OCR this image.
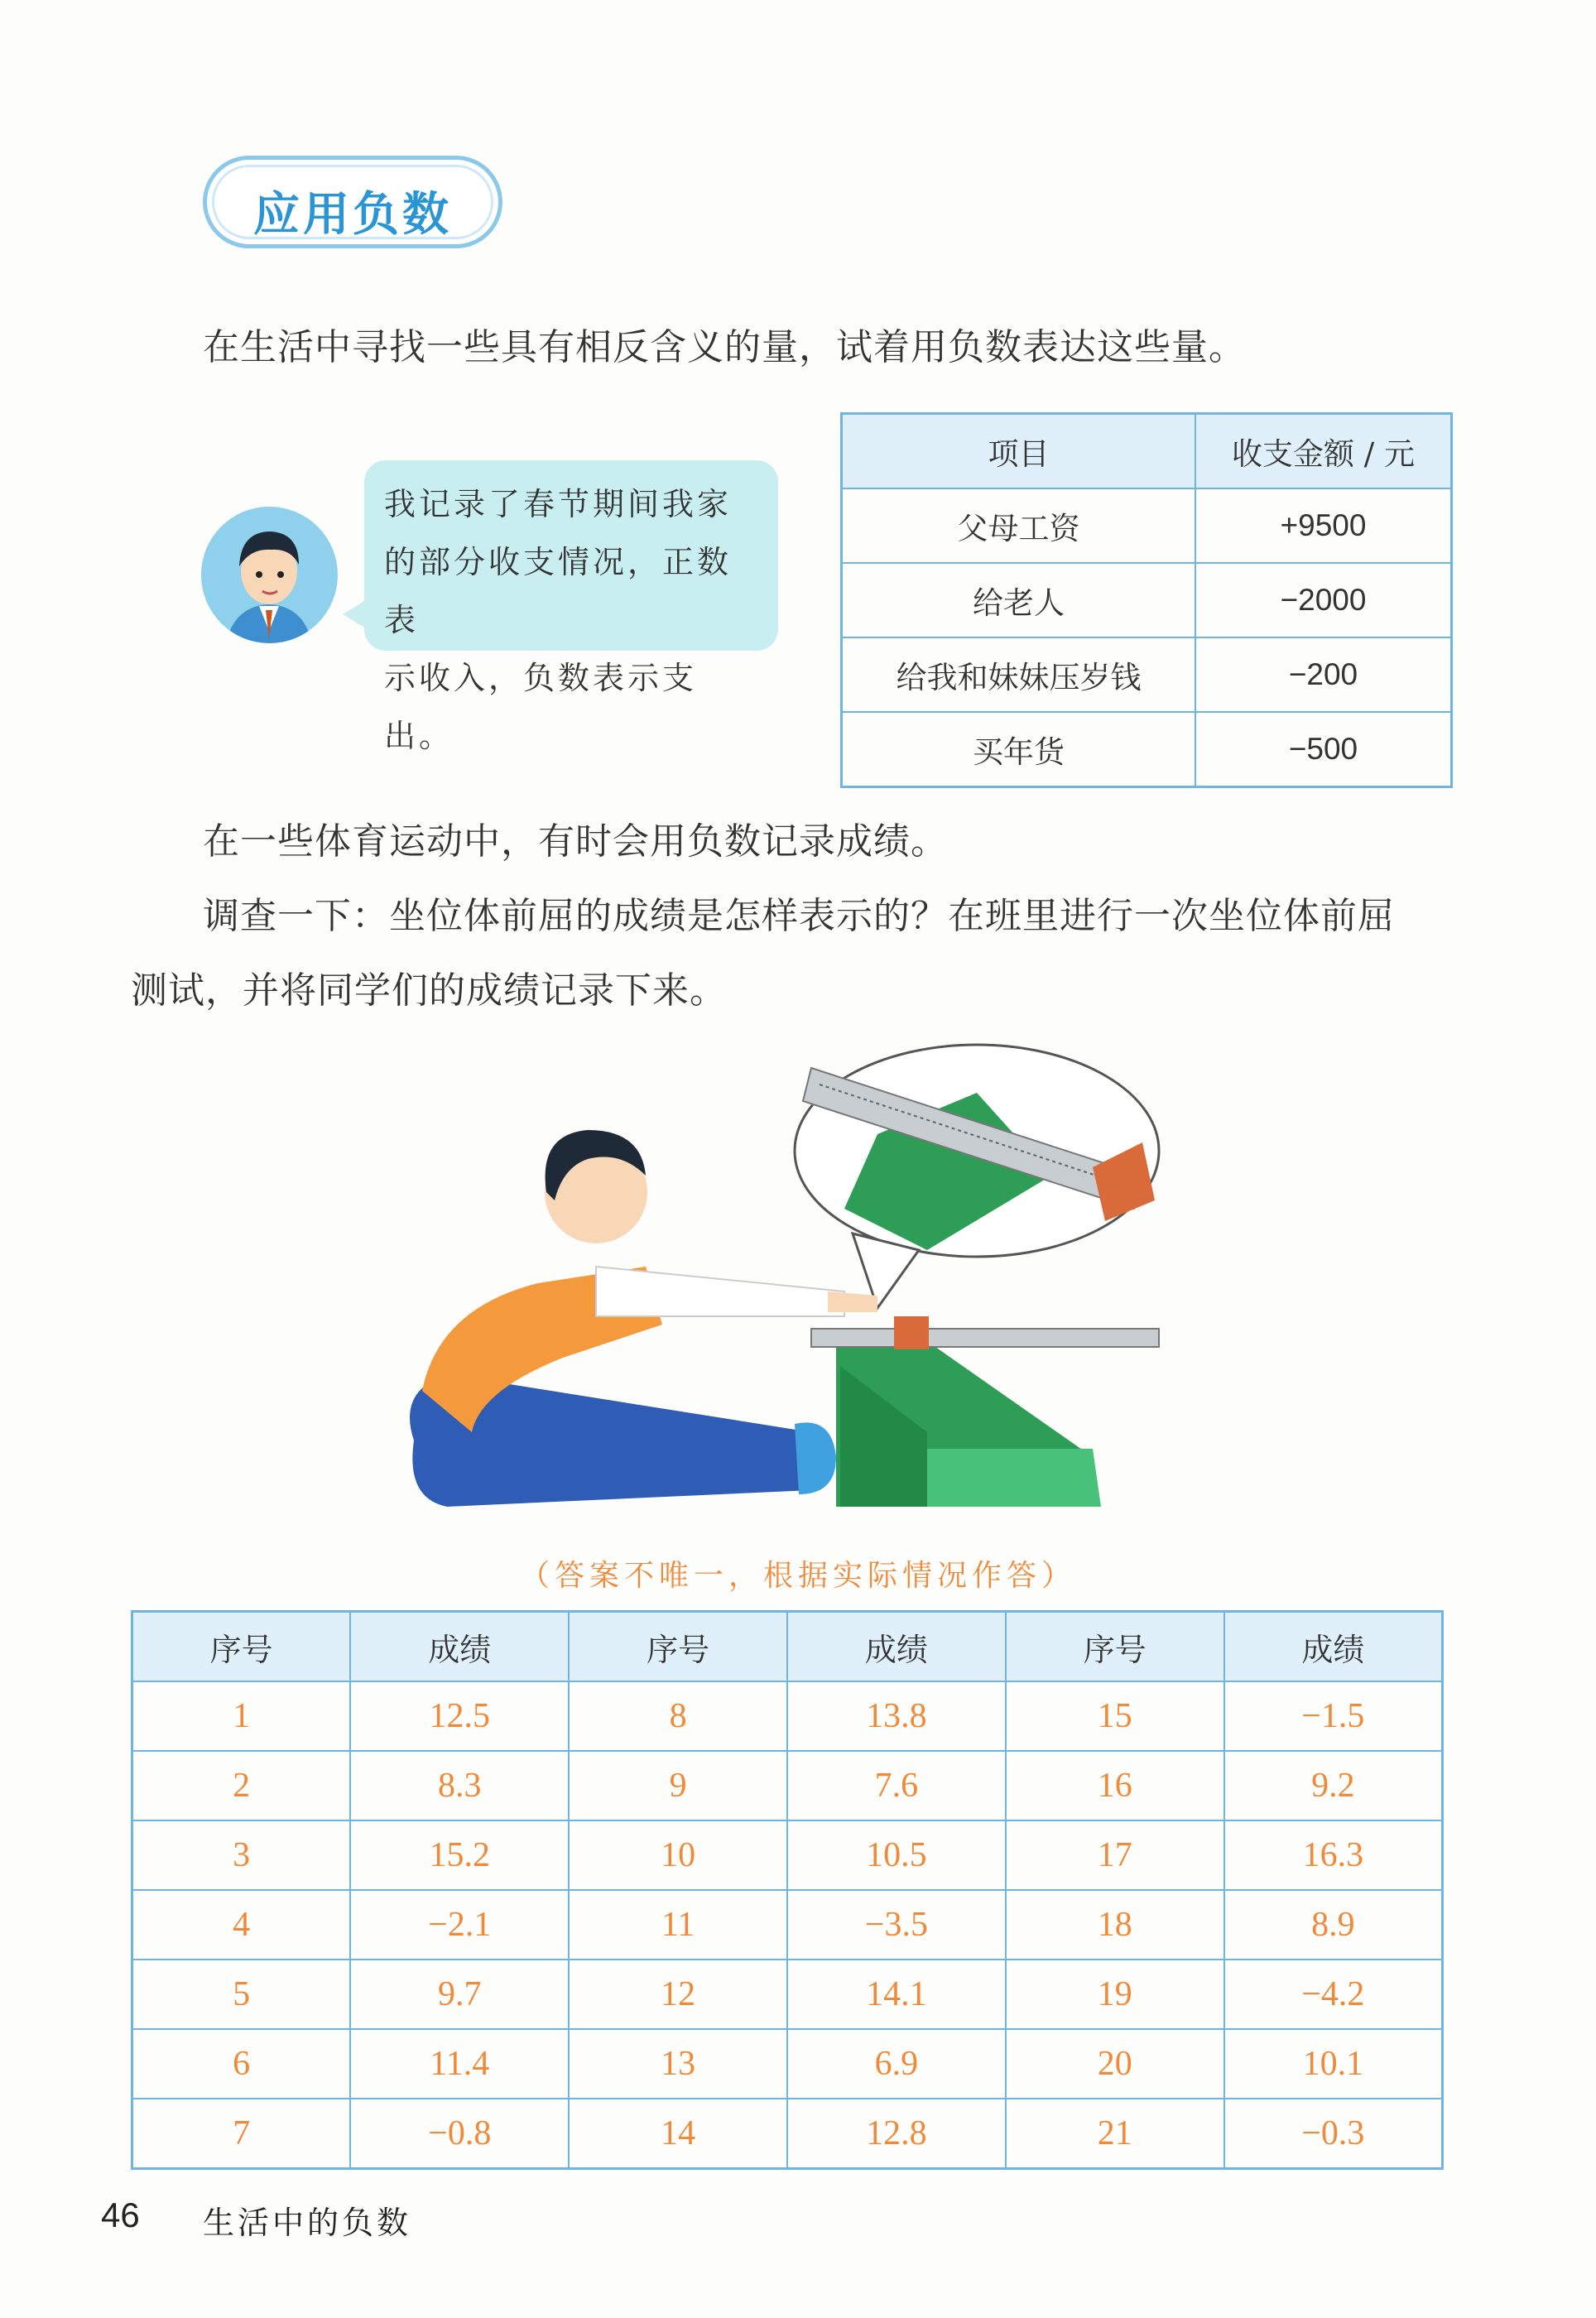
应用负数
在生活中寻找一些具有相反含义的量，试着用负数表达这些量。
我记录了春节期间我家
的部分收支情况，正数表
示收入，负数表示支出。
项目	收支金额 / 元
父母工资	+9500
给老人	−2000
给我和妹妹压岁钱	−200
买年货	−500
在一些体育运动中，有时会用负数记录成绩。
调查一下：坐位体前屈的成绩是怎样表示的？在班里进行一次坐位体前屈
测试，并将同学们的成绩记录下来。
（答案不唯一，根据实际情况作答）
序号	成绩	序号	成绩	序号	成绩
1	12.5	8	13.8	15	−1.5
2	8.3	9	7.6	16	9.2
3	15.2	10	10.5	17	16.3
4	−2.1	11	−3.5	18	8.9
5	9.7	12	14.1	19	−4.2
6	11.4	13	6.9	20	10.1
7	−0.8	14	12.8	21	−0.3
46 生活中的负数
